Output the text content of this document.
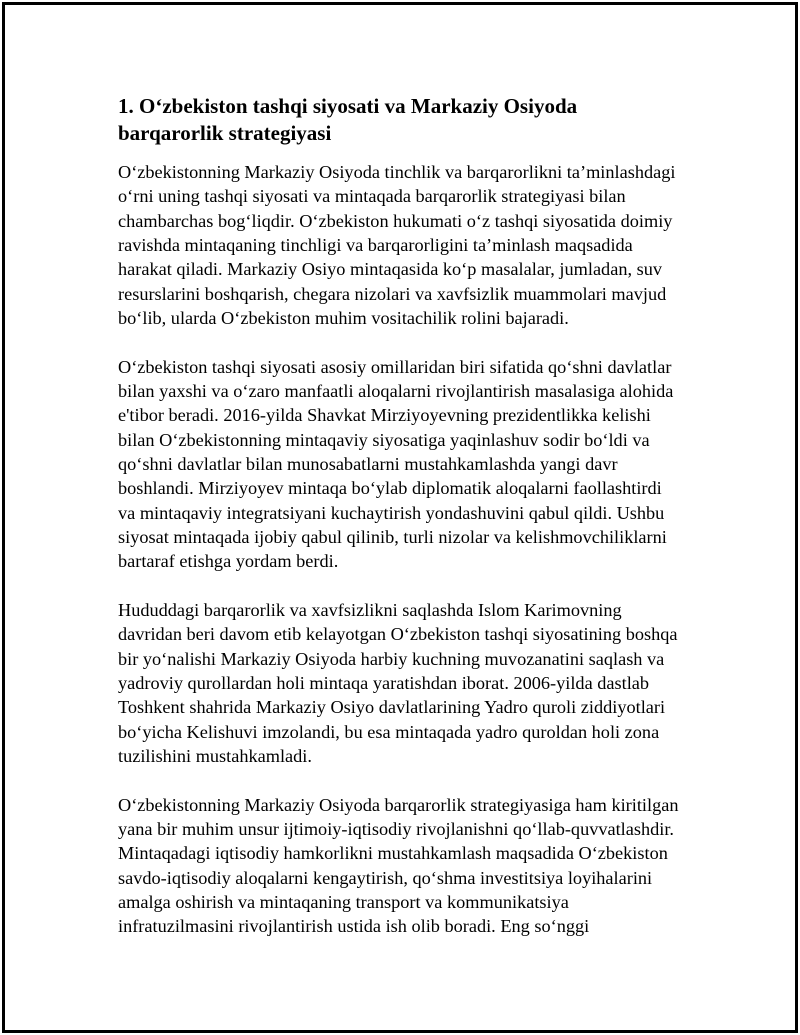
1. O‘zbekiston tashqi siyosati va Markaziy Osiyoda
barqarorlik strategiyasi
O‘zbekistonning Markaziy Osiyoda tinchlik va barqarorlikni ta’minlashdagi
o‘rni uning tashqi siyosati va mintaqada barqarorlik strategiyasi bilan
chambarchas bog‘liqdir. O‘zbekiston hukumati o‘z tashqi siyosatida doimiy
ravishda mintaqaning tinchligi va barqarorligini ta’minlash maqsadida
harakat qiladi. Markaziy Osiyo mintaqasida ko‘p masalalar, jumladan, suv
resurslarini boshqarish, chegara nizolari va xavfsizlik muammolari mavjud
bo‘lib, ularda O‘zbekiston muhim vositachilik rolini bajaradi.
O‘zbekiston tashqi siyosati asosiy omillaridan biri sifatida qo‘shni davlatlar
bilan yaxshi va o‘zaro manfaatli aloqalarni rivojlantirish masalasiga alohida
e'tibor beradi. 2016-yilda Shavkat Mirziyoyevning prezidentlikka kelishi
bilan O‘zbekistonning mintaqaviy siyosatiga yaqinlashuv sodir bo‘ldi va
qo‘shni davlatlar bilan munosabatlarni mustahkamlashda yangi davr
boshlandi. Mirziyoyev mintaqa bo‘ylab diplomatik aloqalarni faollashtirdi
va mintaqaviy integratsiyani kuchaytirish yondashuvini qabul qildi. Ushbu
siyosat mintaqada ijobiy qabul qilinib, turli nizolar va kelishmovchiliklarni
bartaraf etishga yordam berdi.
Hududdagi barqarorlik va xavfsizlikni saqlashda Islom Karimovning
davridan beri davom etib kelayotgan O‘zbekiston tashqi siyosatining boshqa
bir yo‘nalishi Markaziy Osiyoda harbiy kuchning muvozanatini saqlash va
yadroviy qurollardan holi mintaqa yaratishdan iborat. 2006-yilda dastlab
Toshkent shahrida Markaziy Osiyo davlatlarining Yadro quroli ziddiyotlari
bo‘yicha Kelishuvi imzolandi, bu esa mintaqada yadro quroldan holi zona
tuzilishini mustahkamladi.
O‘zbekistonning Markaziy Osiyoda barqarorlik strategiyasiga ham kiritilgan
yana bir muhim unsur ijtimoiy-iqtisodiy rivojlanishni qo‘llab-quvvatlashdir.
Mintaqadagi iqtisodiy hamkorlikni mustahkamlash maqsadida O‘zbekiston
savdo-iqtisodiy aloqalarni kengaytirish, qo‘shma investitsiya loyihalarini
amalga oshirish va mintaqaning transport va kommunikatsiya
infratuzilmasini rivojlantirish ustida ish olib boradi. Eng so‘nggi
